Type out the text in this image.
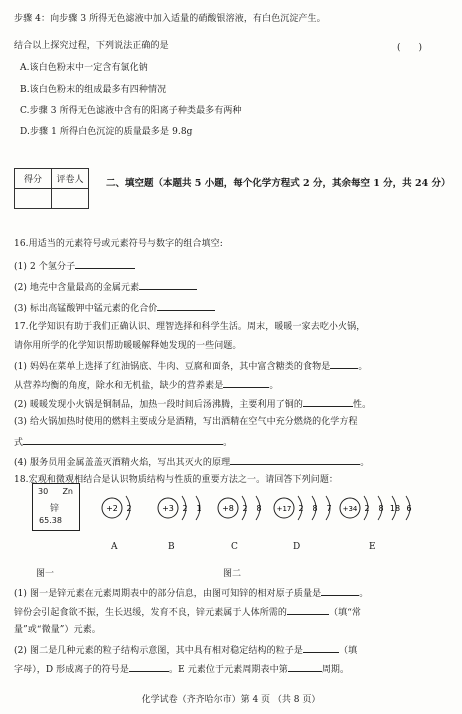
步骤 4：向步骤 3 所得无色滤液中加入适量的硝酸银溶液，有白色沉淀产生。
结合以上探究过程，下列说法正确的是	(　　)
A.该白色粉末中一定含有氯化钠
B.该白色粉末的组成最多有四种情况
C.步骤 3 所得无色滤液中含有的阳离子种类最多有两种
D.步骤 1 所得白色沉淀的质量最多是 9.8g
得分	评卷人
	二、填空题（本题共 5 小题，每个化学方程式 2 分，其余每空 1 分，共 24 分）
16.用适当的元素符号或元素符号与数字的组合填空:
(1) 2 个氢分子
(2) 地壳中含量最高的金属元素
(3) 标出高锰酸钾中锰元素的化合价
17.化学知识有助于我们正确认识、理智选择和科学生活。周末，暖暖一家去吃小火锅，
请你用所学的化学知识帮助暖暖解释她发现的一些问题。
(1) 妈妈在菜单上选择了红油锅底、牛肉、豆腐和面条，其中富含糖类的食物是	。
从营养均衡的角度，除水和无机盐，缺少的营养素是	。
(2) 暖暖发现小火锅是铜制品，加热一段时间后汤沸腾，主要利用了铜的	性。
(3) 给火锅加热时使用的燃料主要成分是酒精，写出酒精在空气中充分燃烧的化学方程
式	。
(4) 服务员用金属盖盖灭酒精火焰，写出其灭火的原理	。
18.宏观和微观相结合是认识物质结构与性质的重要方法之一。请回答下列问题：
30 Zn
锌
65.38
+2 2
A
+3 2 1
B
+8 2 8
C
+17 2 8 7
D
+34 2 8 18 6
E
图一	图二
(1) 图一是锌元素在元素周期表中的部分信息，由图可知锌的相对原子质量是	。
锌份会引起食欲不振，生长迟缓，发育不良，锌元素属于人体所需的	（填“常
量”或“微量”）元素。
(2) 图二是几种元素的粒子结构示意图，其中具有相对稳定结构的粒子是	（填
字母），D 形成离子的符号是	。E 元素位于元素周期表中第	周期。
化学试卷（齐齐哈尔市）第 4 页 （共 8 页）
